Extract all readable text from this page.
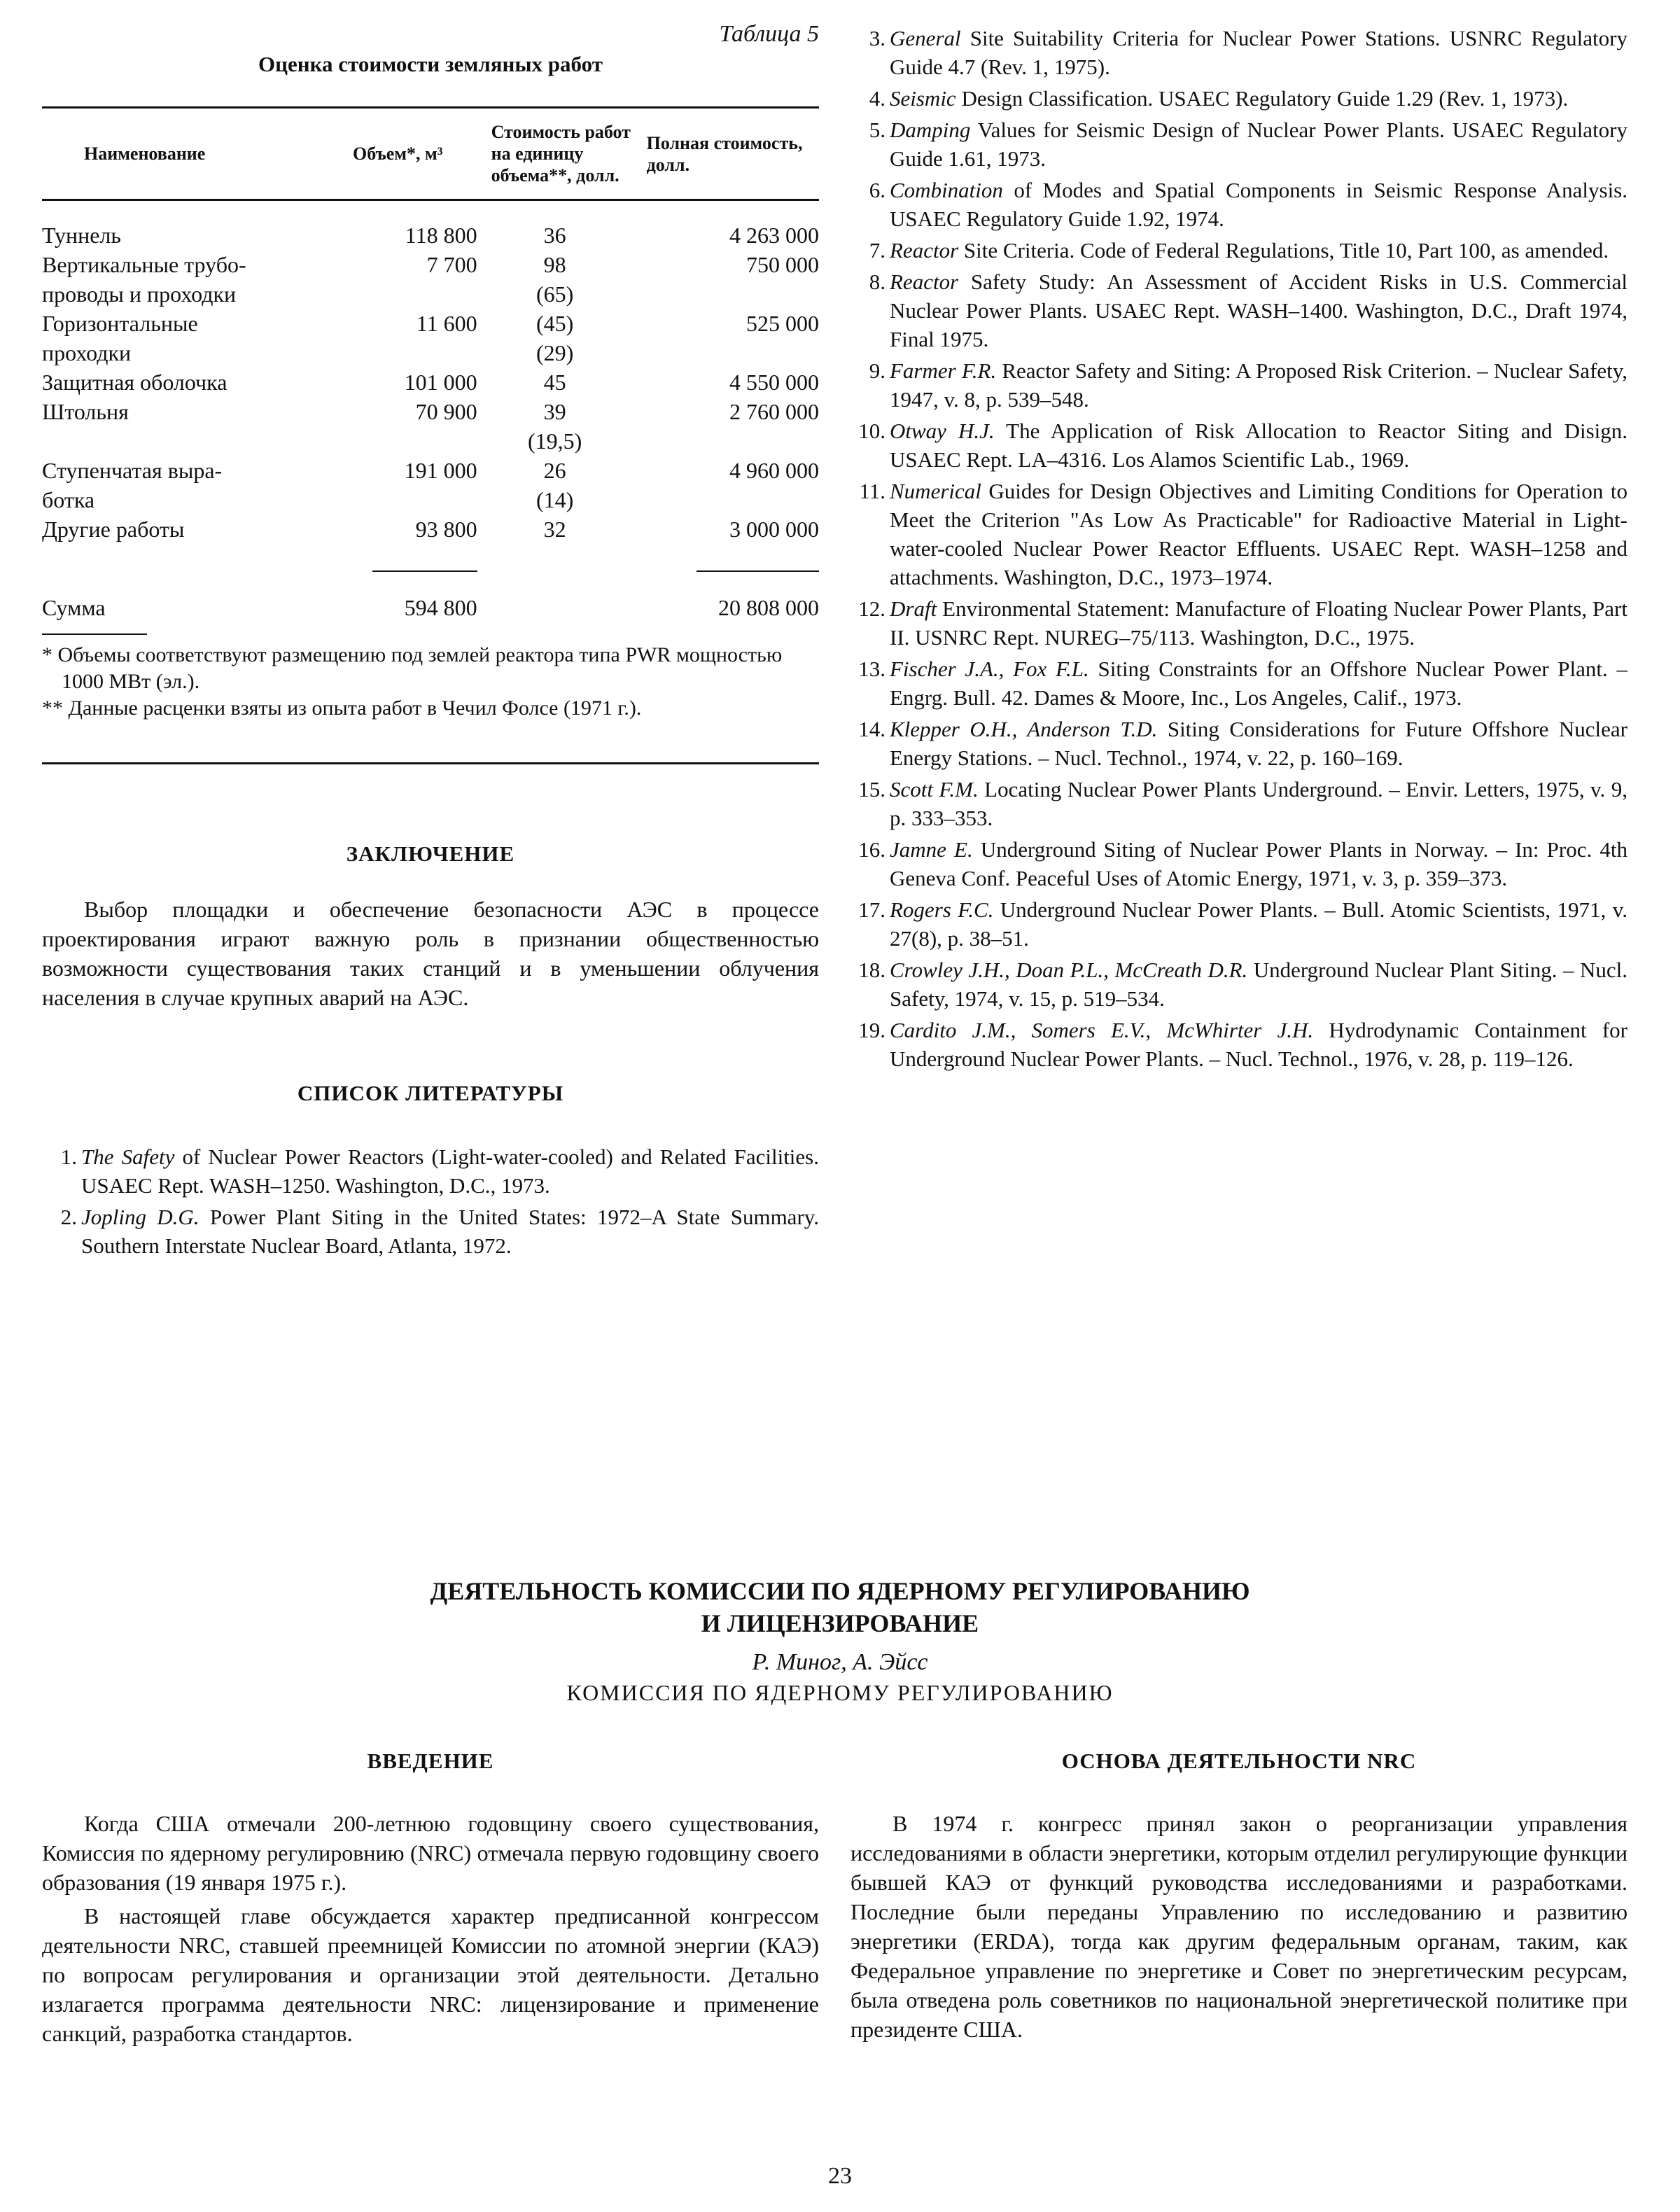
Таблица 5
Оценка стоимости земляных работ
Наименование	Объем*, м³	Стоимость работ на единицу объема**, долл.	Полная стоимость, долл.
Туннель	118 800	36	4 263 000
Вертикальные трубо-	7 700	98	750 000
проводы и проходки		(65)	
Горизонтальные	11 600	(45)	525 000
проходки		(29)	
Защитная оболочка	101 000	45	4 550 000
Штольня	70 900	39	2 760 000
		(19,5)	
Ступенчатая выра-	191 000	26	4 960 000
ботка		(14)	
Другие работы	93 800	32	3 000 000

Сумма	594 800		20 808 000

* Объемы соответствуют размещению под землей реактора типа PWR мощностью 1000 МВт (эл.).
** Данные расценки взяты из опыта работ в Чечил Фолсе (1971 г.).
ЗАКЛЮЧЕНИЕ

Выбор площадки и обеспечение безопасности АЭС в процессе проектирования играют важную роль в признании общественностью возможности существования таких станций и в уменьшении облучения населения в случае крупных аварий на АЭС.

СПИСОК ЛИТЕРАТУРЫ
1. The Safety of Nuclear Power Reactors (Light-water-cooled) and Related Facilities. USAEC Rept. WASH–1250. Washington, D.C., 1973.
2. Jopling D.G. Power Plant Siting in the United States: 1972–A State Summary. Southern Interstate Nuclear Board, Atlanta, 1972.
3. General Site Suitability Criteria for Nuclear Power Stations. USNRC Regulatory Guide 4.7 (Rev. 1, 1975).
4. Seismic Design Classification. USAEC Regulatory Guide 1.29 (Rev. 1, 1973).
5. Damping Values for Seismic Design of Nuclear Power Plants. USAEC Regulatory Guide 1.61, 1973.
6. Combination of Modes and Spatial Components in Seismic Response Analysis. USAEC Regulatory Guide 1.92, 1974.
7. Reactor Site Criteria. Code of Federal Regulations, Title 10, Part 100, as amended.
8. Reactor Safety Study: An Assessment of Accident Risks in U.S. Commercial Nuclear Power Plants. USAEC Rept. WASH–1400. Washington, D.C., Draft 1974, Final 1975.
9. Farmer F.R. Reactor Safety and Siting: A Proposed Risk Criterion. – Nuclear Safety, 1947, v. 8, p. 539–548.
10. Otway H.J. The Application of Risk Allocation to Reactor Siting and Disign. USAEC Rept. LA–4316. Los Alamos Scientific Lab., 1969.
11. Numerical Guides for Design Objectives and Limiting Conditions for Operation to Meet the Criterion "As Low As Practicable" for Radioactive Material in Light-water-cooled Nuclear Power Reactor Effluents. USAEC Rept. WASH–1258 and attachments. Washington, D.C., 1973–1974.
12. Draft Environmental Statement: Manufacture of Floating Nuclear Power Plants, Part II. USNRC Rept. NUREG–75/113. Washington, D.C., 1975.
13. Fischer J.A., Fox F.L. Siting Constraints for an Offshore Nuclear Power Plant. – Engrg. Bull. 42. Dames & Moore, Inc., Los Angeles, Calif., 1973.
14. Klepper O.H., Anderson T.D. Siting Considerations for Future Offshore Nuclear Energy Stations. – Nucl. Technol., 1974, v. 22, p. 160–169.
15. Scott F.M. Locating Nuclear Power Plants Underground. – Envir. Letters, 1975, v. 9, p. 333–353.
16. Jamne E. Underground Siting of Nuclear Power Plants in Norway. – In: Proc. 4th Geneva Conf. Peaceful Uses of Atomic Energy, 1971, v. 3, p. 359–373.
17. Rogers F.C. Underground Nuclear Power Plants. – Bull. Atomic Scientists, 1971, v. 27(8), p. 38–51.
18. Crowley J.H., Doan P.L., McCreath D.R. Underground Nuclear Plant Siting. – Nucl. Safety, 1974, v. 15, p. 519–534.
19. Cardito J.M., Somers E.V., McWhirter J.H. Hydrodynamic Containment for Underground Nuclear Power Plants. – Nucl. Technol., 1976, v. 28, p. 119–126.
ДЕЯТЕЛЬНОСТЬ КОМИССИИ ПО ЯДЕРНОМУ РЕГУЛИРОВАНИЮ
И ЛИЦЕНЗИРОВАНИЕ
Р. Миног, А. Эйсс
КОМИССИЯ ПО ЯДЕРНОМУ РЕГУЛИРОВАНИЮ
ВВЕДЕНИЕ

Когда США отмечали 200-летнюю годовщину своего существования, Комиссия по ядерному регулировнию (NRC) отмечала первую годовщину своего образования (19 января 1975 г.).

В настоящей главе обсуждается характер предписанной конгрессом деятельности NRC, ставшей преемницей Комиссии по атомной энергии (КАЭ) по вопросам регулирования и организации этой деятельности. Детально излагается программа деятельности NRC: лицензирование и применение санкций, разработка стандартов.

ОСНОВА ДЕЯТЕЛЬНОСТИ NRC

В 1974 г. конгресс принял закон о реорганизации управления исследованиями в области энергетики, которым отделил регулирующие функции бывшей КАЭ от функций руководства исследованиями и разработками. Последние были переданы Управлению по исследованию и развитию энергетики (ERDA), тогда как другим федеральным органам, таким, как Федеральное управление по энергетике и Совет по энергетическим ресурсам, была отведена роль советников по национальной энергетической политике при президенте США.

23
